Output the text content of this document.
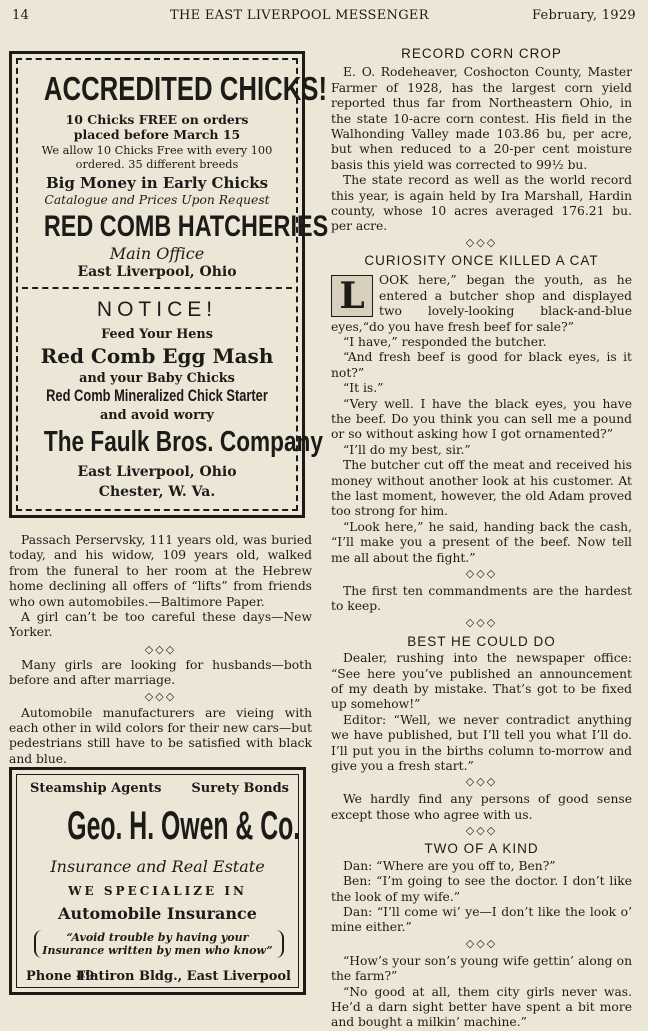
14	THE EAST LIVERPOOL MESSENGER	February, 1929
ACCREDITED CHICKS!
10 Chicks FREE on orders
placed before March 15
We allow 10 Chicks Free with every 100
ordered. 35 different breeds
Big Money in Early Chicks
Catalogue and Prices Upon Request
RED COMB HATCHERIES
Main Office
East Liverpool, Ohio
NOTICE!
Feed Your Hens
Red Comb Egg Mash
and your Baby Chicks
Red Comb Mineralized Chick Starter
and avoid worry
The Faulk Bros. Company
East Liverpool, Ohio
Chester, W. Va.

Passach Perservsky, 111 years old, was buried today, and his widow, 109 years old, walked from the funeral to her room at the Hebrew home declining all offers of “lifts” from friends who own automobiles.—Baltimore Paper.

A girl can’t be too careful these days—New Yorker.

◇◇◇

Many girls are looking for husbands—both before and after marriage.

◇◇◇

Automobile manufacturers are vieing with each other in wild colors for their new cars—but pedestrians still have to be satisfied with black and blue.

Steamship Agents Surety Bonds
Geo. H. Owen & Co.
Insurance and Real Estate
WE SPECIALIZE IN
Automobile Insurance
“Avoid trouble by having your
Insurance written by men who know”
Phone 49
Flatiron Bldg., East Liverpool
RECORD CORN CROP

E. O. Rodeheaver, Coshocton County, Master Farmer of 1928, has the largest corn yield reported thus far from Northeastern Ohio, in the state 10-acre corn contest. His field in the Walhonding Valley made 103.86 bu, per acre, but when reduced to a 20-per cent moisture basis this yield was corrected to 99½ bu.

The state record as well as the world record this year, is again held by Ira Marshall, Hardin county, whose 10 acres averaged 176.21 bu. per acre.

◇◇◇
CURIOSITY ONCE KILLED A CAT

L	OOK here,” began the youth, as he entered a butcher shop and displayed two lovely-looking black-and-blue eyes,“do you have fresh beef for sale?”

“I have,” responded the butcher.

“And fresh beef is good for black eyes, is it not?”

“It is.”

“Very well. I have the black eyes, you have the beef. Do you think you can sell me a pound or so without asking how I got ornamented?”

“I’ll do my best, sir.”

The butcher cut off the meat and received his money without another look at his customer. At the last moment, however, the old Adam proved too strong for him.

“Look here,” he said, handing back the cash, “I’ll make you a present of the beef. Now tell me all about the fight.”

◇◇◇

The first ten commandments are the hardest to keep.

◇◇◇
BEST HE COULD DO

Dealer, rushing into the newspaper office: “See here you’ve published an announcement of my death by mistake. That’s got to be fixed up somehow!”

Editor: “Well, we never contradict anything we have published, but I’ll tell you what I’ll do. I’ll put you in the births column to-morrow and give you a fresh start.”

◇◇◇

We hardly find any persons of good sense except those who agree with us.

◇◇◇
TWO OF A KIND

Dan: “Where are you off to, Ben?”

Ben: “I’m going to see the doctor. I don’t like the look of my wife.”

Dan: “I’ll come wi’ ye—I don’t like the look o’ mine either.”

◇◇◇

“How’s your son’s young wife gettin’ along on the farm?”

“No good at all, them city girls never was. He’d a darn sight better have spent a bit more and bought a milkin’ machine.”
